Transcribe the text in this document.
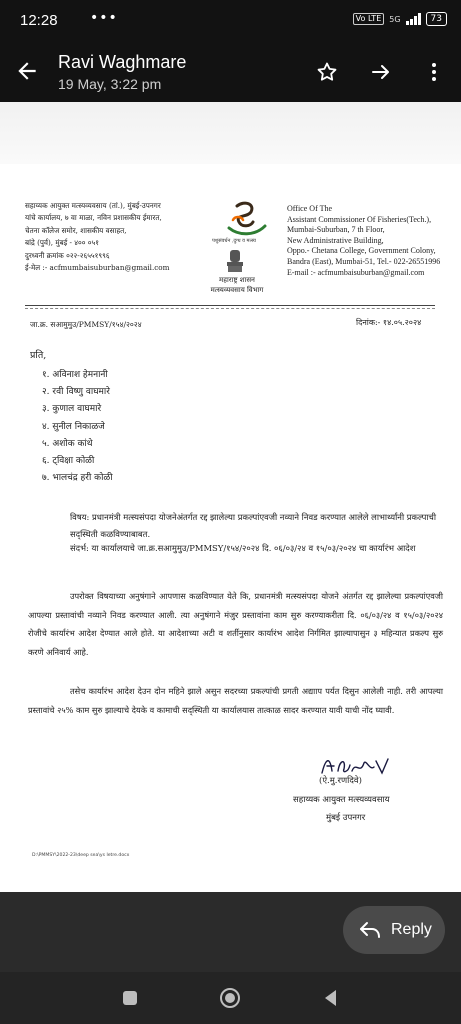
12:28 •••	Vo LTE	5G	73
Ravi Waghmare
19 May, 3:22 pm
सहाय्यक आयुक्त मत्स्यव्यवसाय (तां.), मुंबई-उपनगर
यांचे कार्यालय, ७ वा माळा, नविन प्रशासकीय ईमारत,
चेतना कॉलेज समोर, शासकीय वसाहत,
बांद्रे (पुर्व), मुंबई - ४०० ०५१
दुरध्वनी क्रमांक ०२२-२६५५१९९६
ई-मेल :- acfmumbaisuburban@gmail.com
पशुसंवर्धन ,दुग्ध व मत्स्य
महाराष्ट्र शासन
मत्स्यव्यवसाय विभाग
Office Of The
Assistant Commissioner Of Fisheries(Tech.),
Mumbai-Suburban, 7 th Floor,
New Administrative Building,
Oppo.- Chetana College, Government Colony,
Bandra (East), Mumbai-51, Tel.- 022-26551996
E-mail :- acfmumbaisuburban@gmail.com
जा.क्र. सआमुमुउ/PMMSY/१५४/२०२४	दिनांक:- १४.०५.२०२४
प्रति,
१. अविनाश हेमनानी
२. रवी विष्णु वाघमारे
३. कुणाल वाघमारे
४. सुनील निकाळजे
५. अशोक कांथे
६. ट्विक्षा कोळी
७. भालचंद्र हरी कोळी
विषय: प्रधानमंत्री मत्स्यसंपदा योजनेअंतर्गत रद्द झालेल्या प्रकल्पांएवजी नव्याने निवड करण्यात आलेले लाभार्थ्यांनी प्रकल्पाची सद्स्थिती कळविण्याबाबत.
संदर्भ: या कार्यालयाचे जा.क्र.सआमुमुउ/PMMSY/१५४/२०२४ दि. ०६/०३/२४ व १५/०३/२०२४ चा कार्यारंभ आदेश
उपरोक्त विषयाच्या अनुषंगाने आपणास कळविण्यात येते कि, प्रधानमंत्री मत्स्यसंपदा योजने अंतर्गत रद्द झालेल्या प्रकल्पांएवजी आपल्या प्रस्तावांची नव्याने निवड करण्यात आली. त्या अनुषंगाने मंजुर प्रस्तावांना काम सुरु करण्याकरीता दि. ०६/०३/२४ व १५/०३/२०२४ रोजीचे कार्यारंभ आदेश देण्यात आले होते. या आदेशाच्या अटी व शर्तीनुसार कार्यारंभ आदेश निर्गमित झाल्यापासुन ३ महिन्यात प्रकल्प सुरु करणे अनिवार्य आहे.
तसेच कार्यारंभ आदेश देउन दोन महिने झाले असुन सदरच्या प्रकल्पांची प्रगती अद्यााप पर्यत दिसुन आलेली नाही. तरी आपल्या प्रस्तावांचे २५% काम सुरु झाल्याचे देयके व कामाची सद्स्थिती या कार्यालयास तात्काळ सादर करण्यात यावी याची नोंद घ्यावी.
(ऐ.मु.रणदिवे)
सहाय्यक आयुक्त मत्स्यव्यवसाय
मुंबई उपनगर
D:\PMMSY\2022-23\deep sea\ys letre.docx
Reply
